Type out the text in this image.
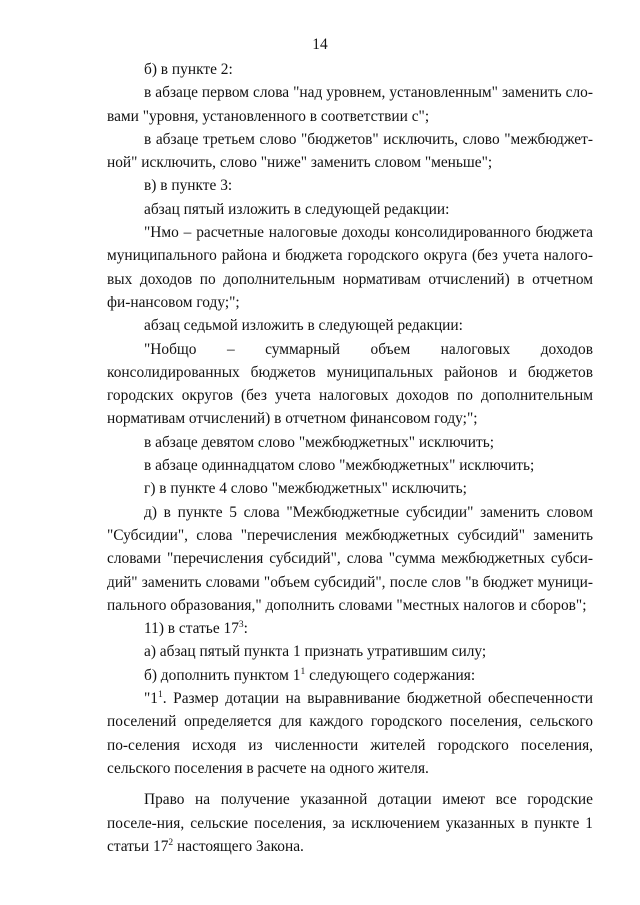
14

б) в пункте 2:

в абзаце первом слова "над уровнем, установленным" заменить сло-вами "уровня, установленного в соответствии с";

в абзаце третьем слово "бюджетов" исключить, слово "межбюджет-ной" исключить, слово "ниже" заменить словом "меньше";

в) в пункте 3:

абзац пятый изложить в следующей редакции:

"Нмо – расчетные налоговые доходы консолидированного бюджета муниципального района и бюджета городского округа (без учета налого-вых доходов по дополнительным нормативам отчислений) в отчетном фи-нансовом году;";

абзац седьмой изложить в следующей редакции:

"Нобщо – суммарный объем налоговых доходов консолидированных бюджетов муниципальных районов и бюджетов городских округов (без учета налоговых доходов по дополнительным нормативам отчислений) в отчетном финансовом году;";

в абзаце девятом слово "межбюджетных" исключить;

в абзаце одиннадцатом слово "межбюджетных" исключить;

г) в пункте 4 слово "межбюджетных" исключить;

д) в пункте 5 слова "Межбюджетные субсидии" заменить словом "Субсидии", слова "перечисления межбюджетных субсидий" заменить словами "перечисления субсидий", слова "сумма межбюджетных субси-дий" заменить словами "объем субсидий", после слов "в бюджет муници-пального образования," дополнить словами "местных налогов и сборов";

11) в статье $17^3$:

а) абзац пятый пункта 1 признать утратившим силу;

б) дополнить пунктом $1^1$ следующего содержания:

"$1^1$. Размер дотации на выравнивание бюджетной обеспеченности поселений определяется для каждого городского поселения, сельского по-селения исходя из численности жителей городского поселения, сельского поселения в расчете на одного жителя.

Право на получение указанной дотации имеют все городские поселе-ния, сельские поселения, за исключением указанных в пункте 1 статьи $17^2$ настоящего Закона.
